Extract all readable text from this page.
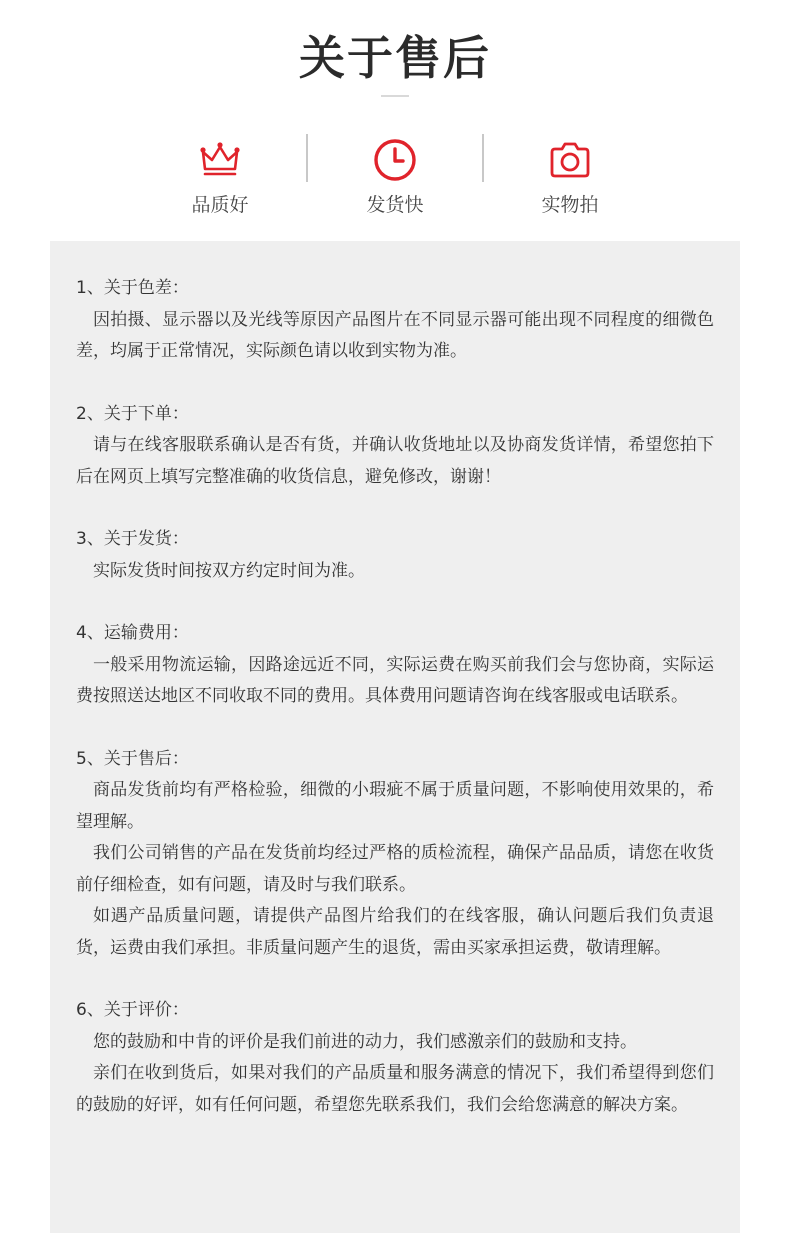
关于售后
品质好	发货快	实物拍

1、关于色差：

因拍摄、显示器以及光线等原因产品图片在不同显示器可能出现不同程度的细微色差，均属于正常情况，实际颜色请以收到实物为准。

2、关于下单：

请与在线客服联系确认是否有货，并确认收货地址以及协商发货详情，希望您拍下后在网页上填写完整准确的收货信息，避免修改，谢谢！

3、关于发货：

实际发货时间按双方约定时间为准。

4、运输费用：

一般采用物流运输，因路途远近不同，实际运费在购买前我们会与您协商，实际运费按照送达地区不同收取不同的费用。具体费用问题请咨询在线客服或电话联系。

5、关于售后：

商品发货前均有严格检验，细微的小瑕疵不属于质量问题，不影响使用效果的，希望理解。

我们公司销售的产品在发货前均经过严格的质检流程，确保产品品质，请您在收货前仔细检查，如有问题，请及时与我们联系。

如遇产品质量问题，请提供产品图片给我们的在线客服，确认问题后我们负责退货，运费由我们承担。非质量问题产生的退货，需由买家承担运费，敬请理解。

6、关于评价：

您的鼓励和中肯的评价是我们前进的动力，我们感激亲们的鼓励和支持。

亲们在收到货后，如果对我们的产品质量和服务满意的情况下，我们希望得到您们的鼓励的好评，如有任何问题，希望您先联系我们，我们会给您满意的解决方案。
